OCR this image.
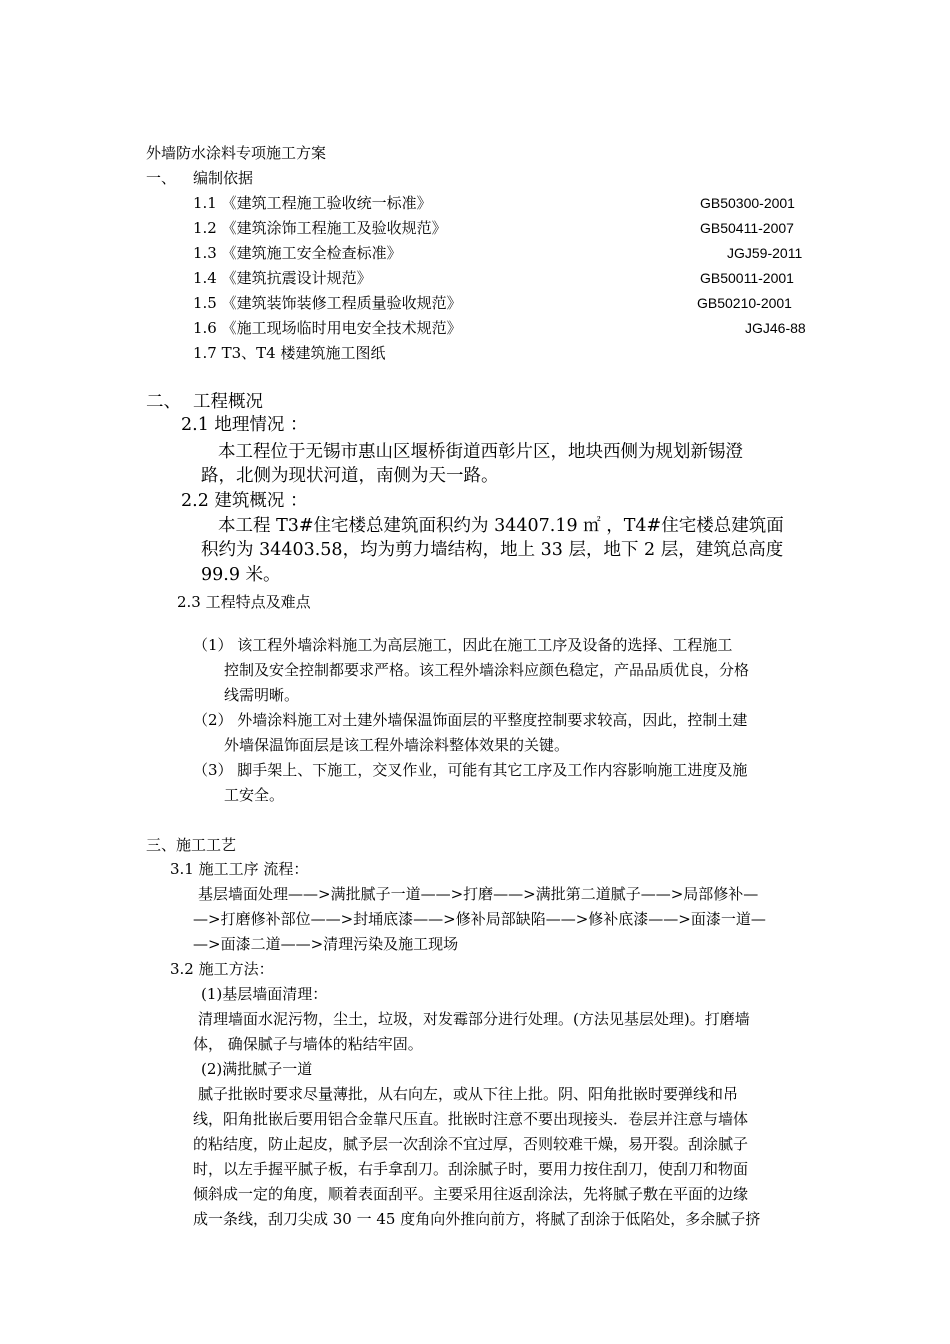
外墙防水涂料专项施工方案
一、 编制依据
1.1 《建筑工程施工验收统一标准》	GB50300-2001
1.2 《建筑涂饰工程施工及验收规范》	GB50411-2007
1.3 《建筑施工安全检查标准》	JGJ59-2011
1.4 《建筑抗震设计规范》	GB50011-2001
1.5 《建筑装饰装修工程质量验收规范》	GB50210-2001
1.6 《施工现场临时用电安全技术规范》	JGJ46-88
1.7 T3、T4 楼建筑施工图纸
二、 工程概况
2.1 地理情况 ：
本工程位于无锡市惠山区堰桥街道西彰片区，地块西侧为规划新锡澄
路，北侧为现状河道，南侧为天一路。
2.2 建筑概况 ：
本工程 T3#住宅楼总建筑面积约为 34407.19 ㎡ ，T4#住宅楼总建筑面
积约为 34403.58，均为剪力墙结构，地上 33 层，地下 2 层，建筑总高度
99.9 米。
2.3 工程特点及难点
（1） 该工程外墙涂料施工为高层施工，因此在施工工序及设备的选择、工程施工
控制及安全控制都要求严格。该工程外墙涂料应颜色稳定，产品品质优良，分格
线需明晰。
（2） 外墙涂料施工对土建外墙保温饰面层的平整度控制要求较高，因此，控制土建
外墙保温饰面层是该工程外墙涂料整体效果的关键。
（3） 脚手架上、下施工，交叉作业，可能有其它工序及工作内容影响施工进度及施
工安全。
三、施工工艺
3.1 施工工序 流程：
基层墙面处理——>满批腻子一道——>打磨——>满批第二道腻子——>局部修补—
—>打磨修补部位——>封埇底漆——>修补局部缺陷——>修补底漆——>面漆一道—
—>面漆二道——>清理污染及施工现场
3.2 施工方法：
(1)基层墙面清理：
清理墙面水泥污物，尘土，垃圾，对发霉部分进行处理。(方法见基层处理)。打磨墙
体， 确保腻子与墙体的粘结牢固。
(2)满批腻子一道
腻子批嵌时要求尽量薄批，从右向左，或从下往上批。阴、阳角批嵌时要弹线和吊
线，阳角批嵌后要用铝合金靠尺压直。批嵌时注意不要出现接头．卷层并注意与墙体
的粘结度，防止起皮，腻予层一次刮涂不宜过厚，否则较难干燥，易开裂。刮涂腻子
时，以左手握平腻子板，右手拿刮刀。刮涂腻子时，要用力按住刮刀，使刮刀和物面
倾斜成一定的角度，顺着表面刮平。主要采用往返刮涂法，先将腻子敷在平面的边缘
成一条线，刮刀尖成 30 一 45 度角向外推向前方，将腻了刮涂于低陷处，多余腻子挤
